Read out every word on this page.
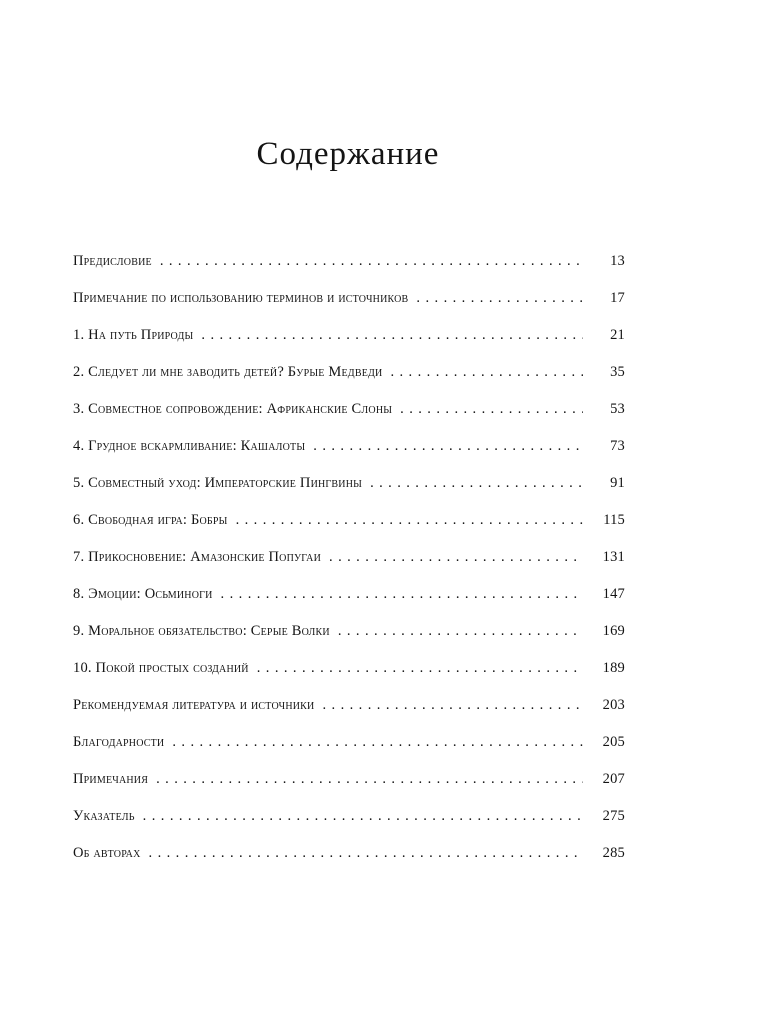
Содержание
Предисловие . . .	13
Примечание по использованию терминов и источников . . .	17
1. На путь Природы . . .	21
2. Следует ли мне заводить детей? Бурые Медведи . . .	35
3. Совместное сопровождение: Африканские Слоны . . .	53
4. Грудное вскармливание: Кашалоты . . .	73
5. Совместный уход: Императорские Пингвины . . .	91
6. Свободная игра: Бобры . . .	115
7. Прикосновение: Амазонские Попугаи . . .	131
8. Эмоции: Осьминоги . . .	147
9. Моральное обязательство: Серые Волки . . .	169
10. Покой простых созданий . . .	189
Рекомендуемая литература и источники . . .	203
Благодарности . . .	205
Примечания . . .	207
Указатель . . .	275
Об авторах . . .	285
